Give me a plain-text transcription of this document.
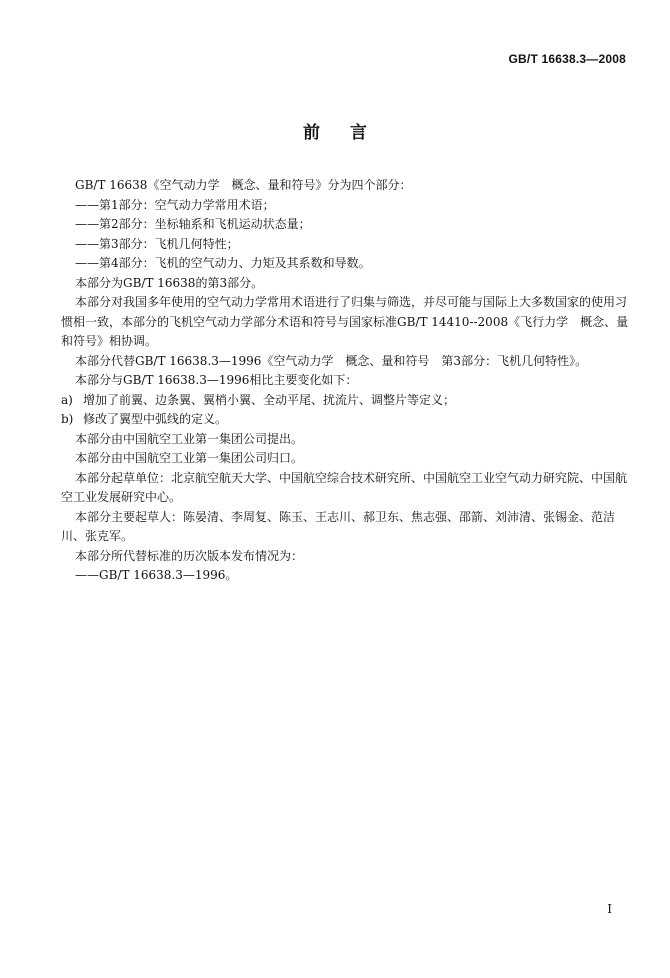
GB/T 16638.3—2008
前言

GB/T 16638《空气动力学　概念、量和符号》分为四个部分：

——第1部分：空气动力学常用术语；

——第2部分：坐标轴系和飞机运动状态量；

——第3部分：飞机几何特性；

——第4部分：飞机的空气动力、力矩及其系数和导数。

本部分为GB/T 16638的第3部分。

本部分对我国多年使用的空气动力学常用术语进行了归集与筛选，并尽可能与国际上大多数国家的使用习惯相一致，本部分的飞机空气动力学部分术语和符号与国家标准GB/T 14410--2008《飞行力学　概念、量和符号》相协调。

本部分代替GB/T 16638.3—1996《空气动力学　概念、量和符号　第3部分：飞机几何特性》。

本部分与GB/T 16638.3—1996相比主要变化如下：

a) 增加了前翼、边条翼、翼梢小翼、全动平尾、扰流片、调整片等定义；

b) 修改了翼型中弧线的定义。

本部分由中国航空工业第一集团公司提出。

本部分由中国航空工业第一集团公司归口。

本部分起草单位：北京航空航天大学、中国航空综合技术研究所、中国航空工业空气动力研究院、中国航空工业发展研究中心。

本部分主要起草人：陈晏清、李周复、陈玉、王志川、郝卫东、焦志强、邵箭、刘沛清、张锡金、范洁川、张克军。

本部分所代替标准的历次版本发布情况为：

——GB/T 16638.3—1996。

I
